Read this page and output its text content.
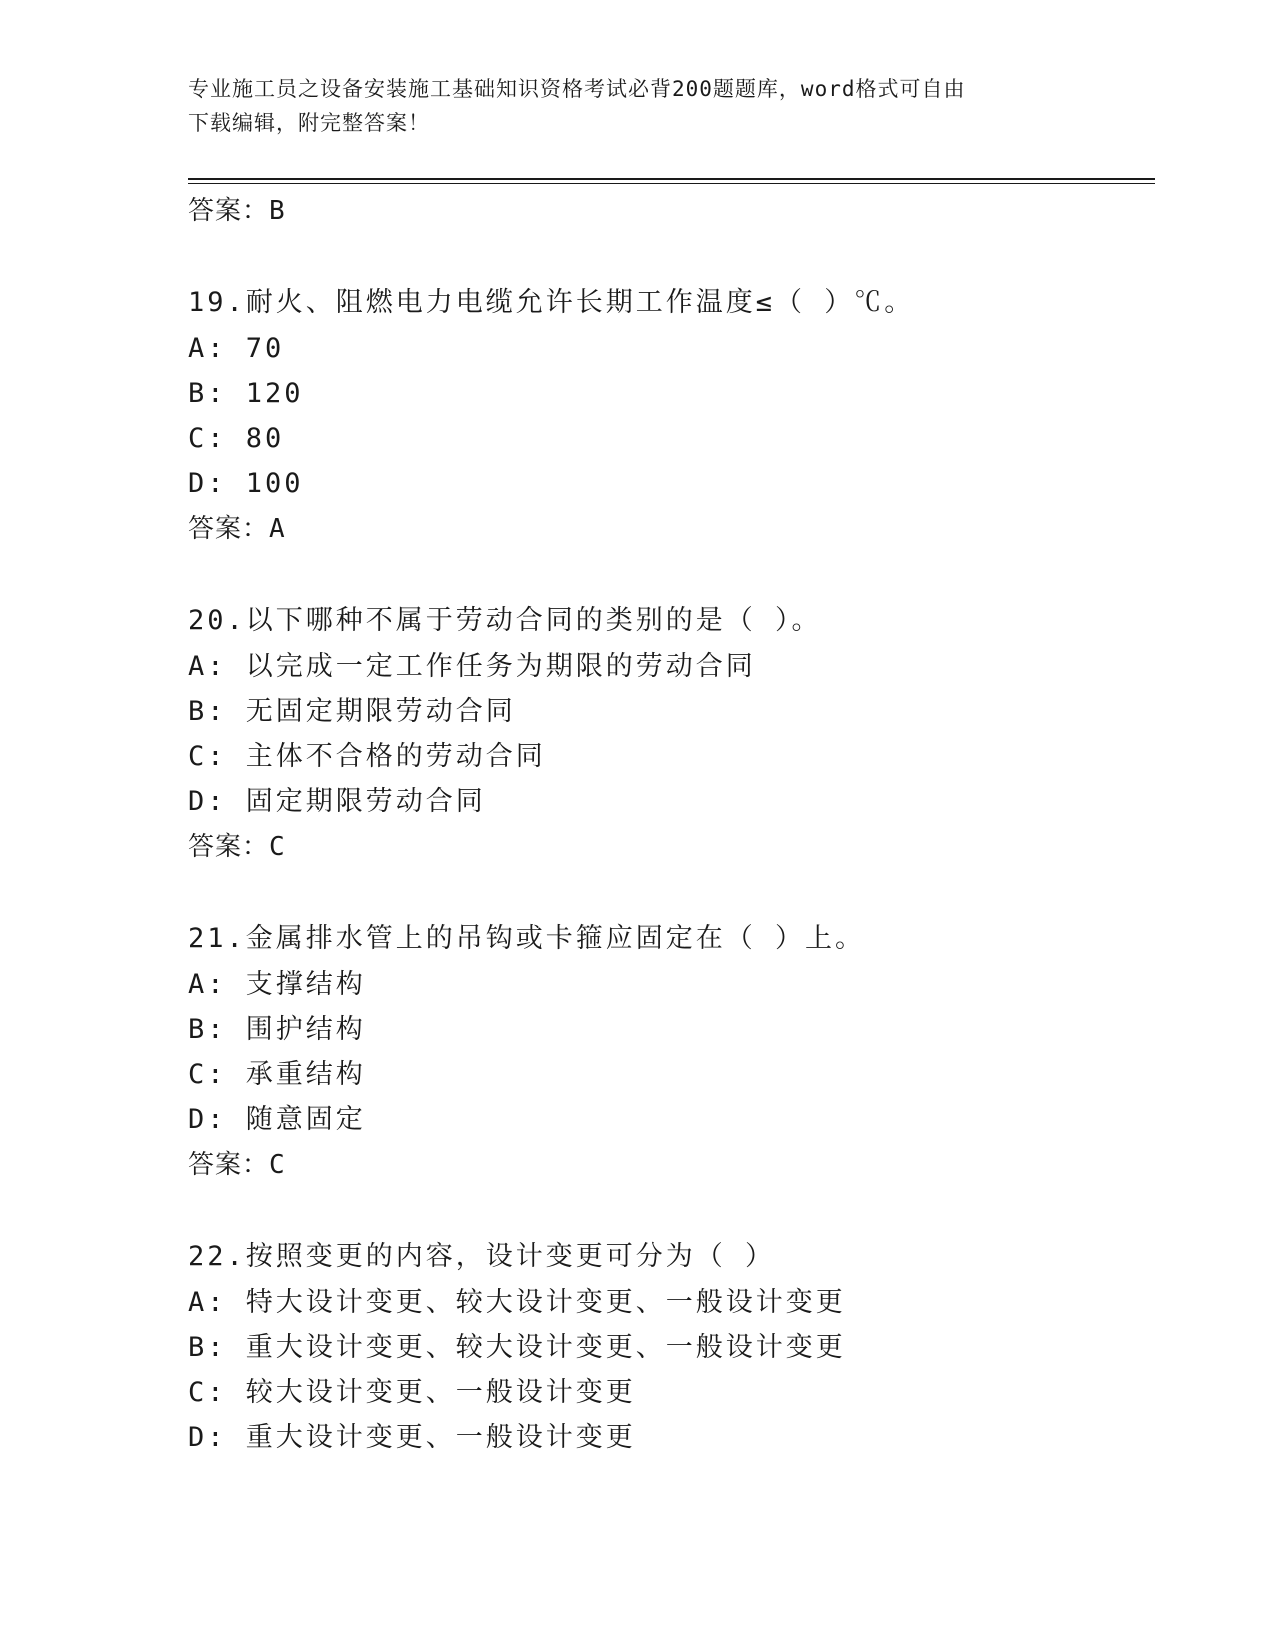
专业施工员之设备安装施工基础知识资格考试必背200题题库，word格式可自由
下载编辑，附完整答案！
答案：B
19.耐火、阻燃电力电缆允许长期工作温度≤（ ）℃。
A: 70
B: 120
C: 80
D: 100
答案：A
20.以下哪种不属于劳动合同的类别的是（ ）。
A: 以完成一定工作任务为期限的劳动合同
B: 无固定期限劳动合同
C: 主体不合格的劳动合同
D: 固定期限劳动合同
答案：C
21.金属排水管上的吊钩或卡箍应固定在（ ）上。
A: 支撑结构
B: 围护结构
C: 承重结构
D: 随意固定
答案：C
22.按照变更的内容，设计变更可分为（ ）
A: 特大设计变更、较大设计变更、一般设计变更
B: 重大设计变更、较大设计变更、一般设计变更
C: 较大设计变更、一般设计变更
D: 重大设计变更、一般设计变更
